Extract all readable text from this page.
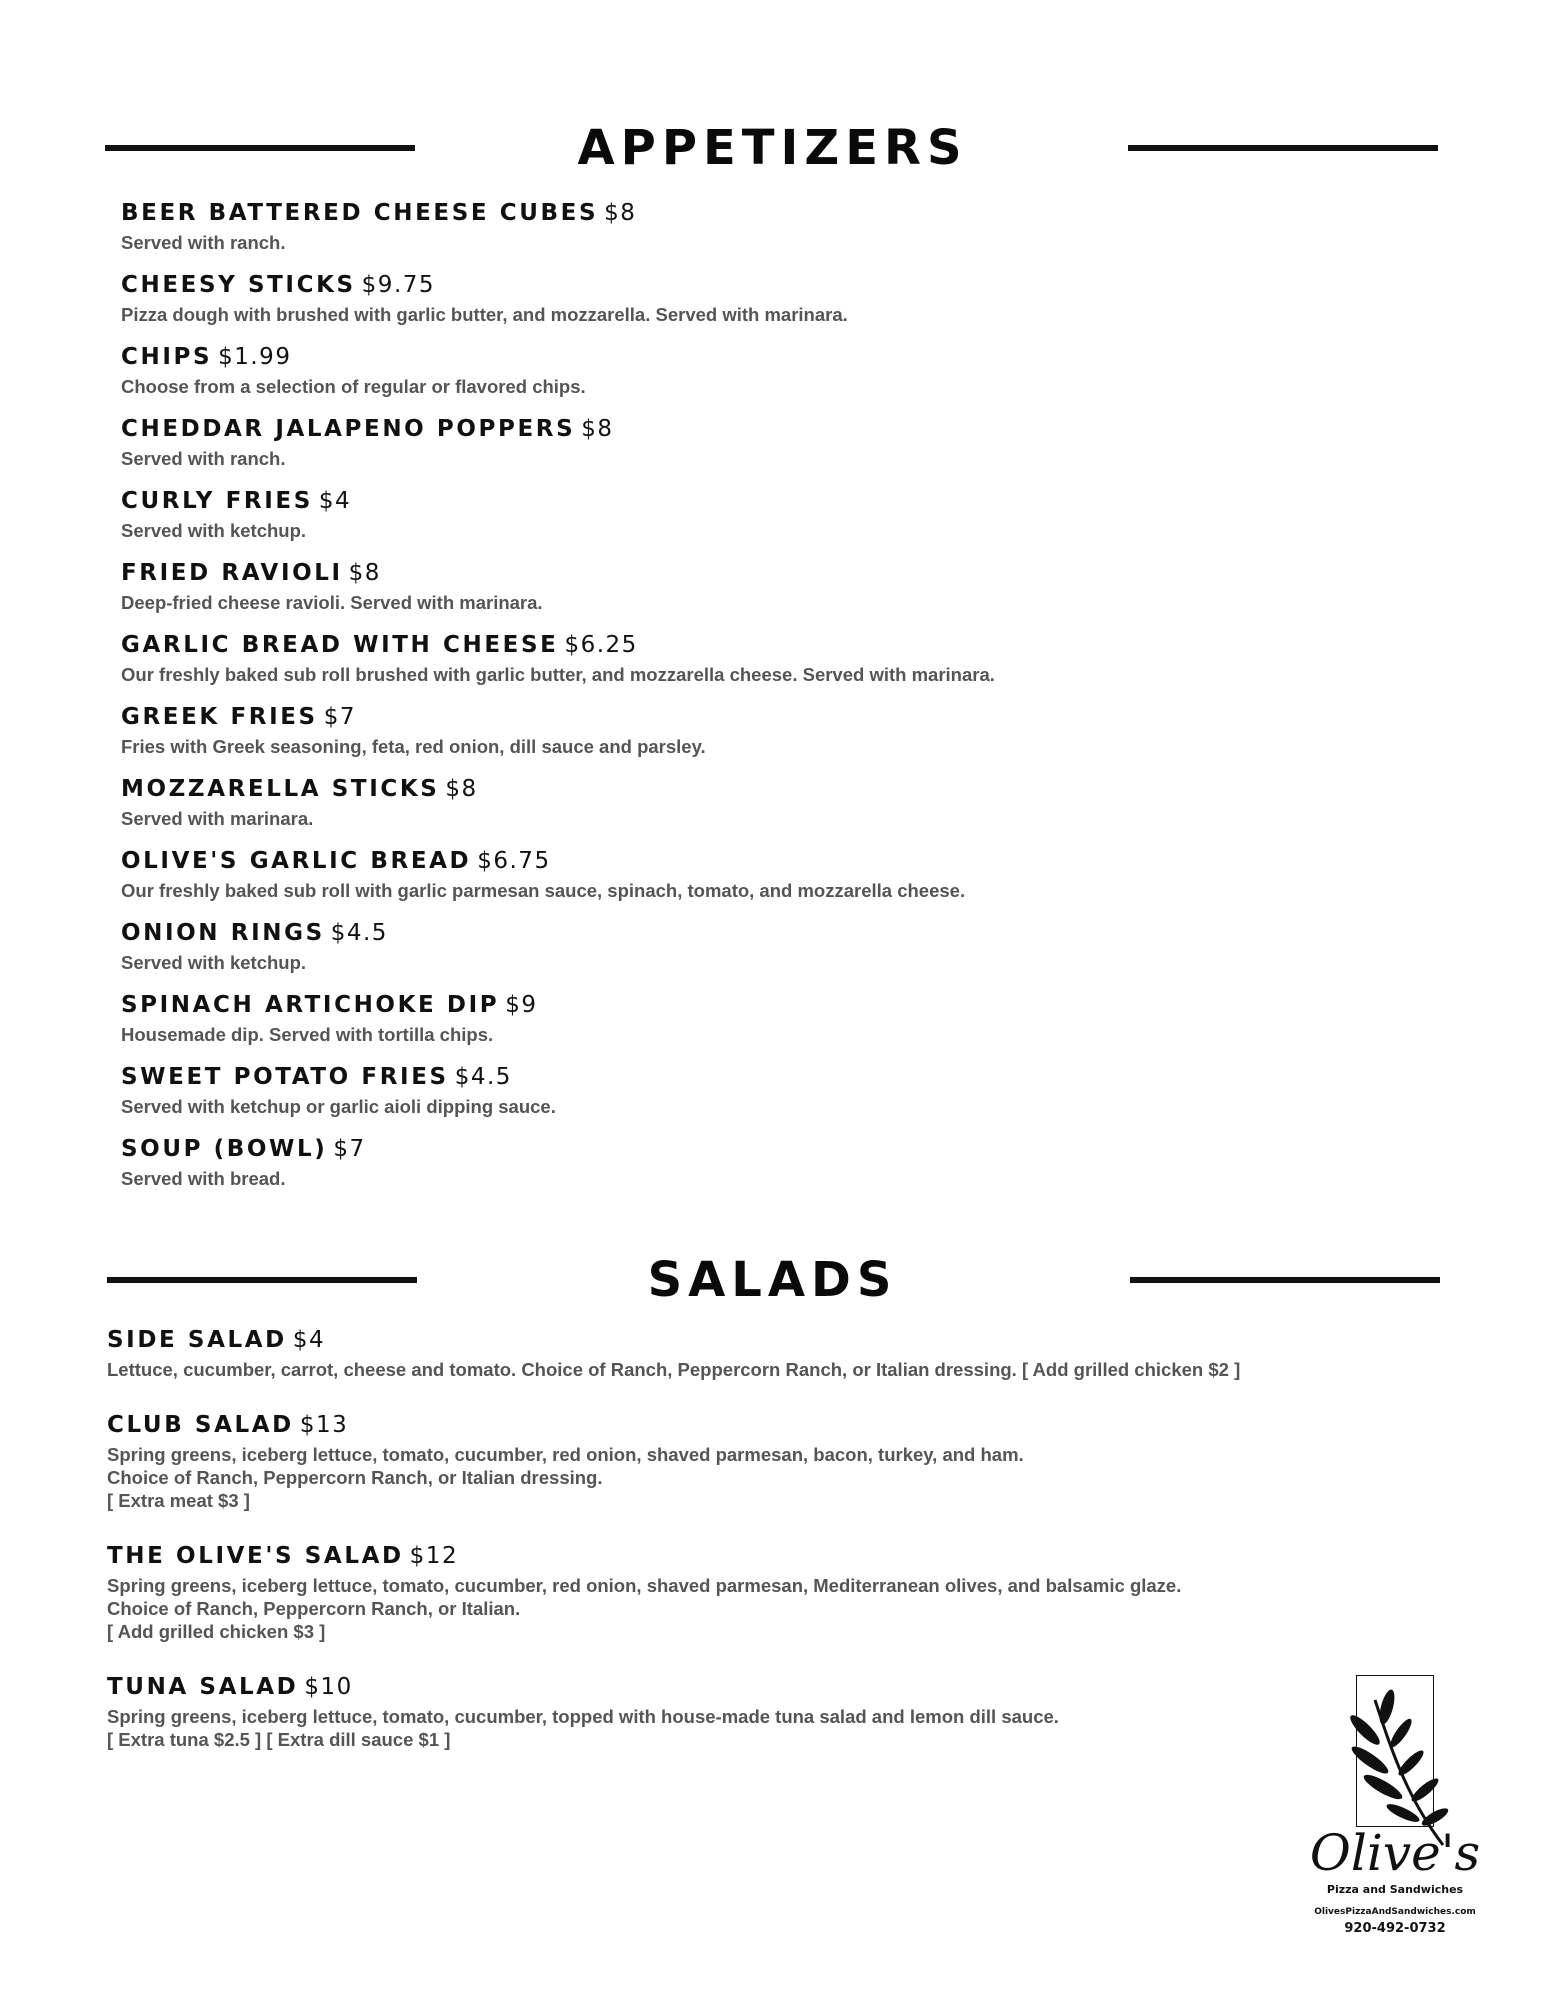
APPETIZERS
BEER BATTERED CHEESE CUBES $8
Served with ranch.
CHEESY STICKS $9.75
Pizza dough with brushed with garlic butter, and mozzarella. Served with marinara.
CHIPS $1.99
Choose from a selection of regular or flavored chips.
CHEDDAR JALAPENO POPPERS $8
Served with ranch.
CURLY FRIES $4
Served with ketchup.
FRIED RAVIOLI $8
Deep-fried cheese ravioli. Served with marinara.
GARLIC BREAD WITH CHEESE $6.25
Our freshly baked sub roll brushed with garlic butter, and mozzarella cheese. Served with marinara.
GREEK FRIES $7
Fries with Greek seasoning, feta, red onion, dill sauce and parsley.
MOZZARELLA STICKS $8
Served with marinara.
OLIVE'S GARLIC BREAD $6.75
Our freshly baked sub roll with garlic parmesan sauce, spinach, tomato, and mozzarella cheese.
ONION RINGS $4.5
Served with ketchup.
SPINACH ARTICHOKE DIP $9
Housemade dip. Served with tortilla chips.
SWEET POTATO FRIES $4.5
Served with ketchup or garlic aioli dipping sauce.
SOUP (BOWL) $7
Served with bread.
SALADS
SIDE SALAD $4
Lettuce, cucumber, carrot, cheese and tomato. Choice of Ranch, Peppercorn Ranch, or Italian dressing. [ Add grilled chicken $2 ]
CLUB SALAD $13
Spring greens, iceberg lettuce, tomato, cucumber, red onion, shaved parmesan, bacon, turkey, and ham.
Choice of Ranch, Peppercorn Ranch, or Italian dressing.
[ Extra meat $3 ]
THE OLIVE'S SALAD $12
Spring greens, iceberg lettuce, tomato, cucumber, red onion, shaved parmesan, Mediterranean olives, and balsamic glaze.
Choice of Ranch, Peppercorn Ranch, or Italian.
[ Add grilled chicken $3 ]
TUNA SALAD $10
Spring greens, iceberg lettuce, tomato, cucumber, topped with house-made tuna salad and lemon dill sauce.
[ Extra tuna $2.5 ] [ Extra dill sauce $1 ]
Olive's
Pizza and Sandwiches
OlivesPizzaAndSandwiches.com
920-492-0732
